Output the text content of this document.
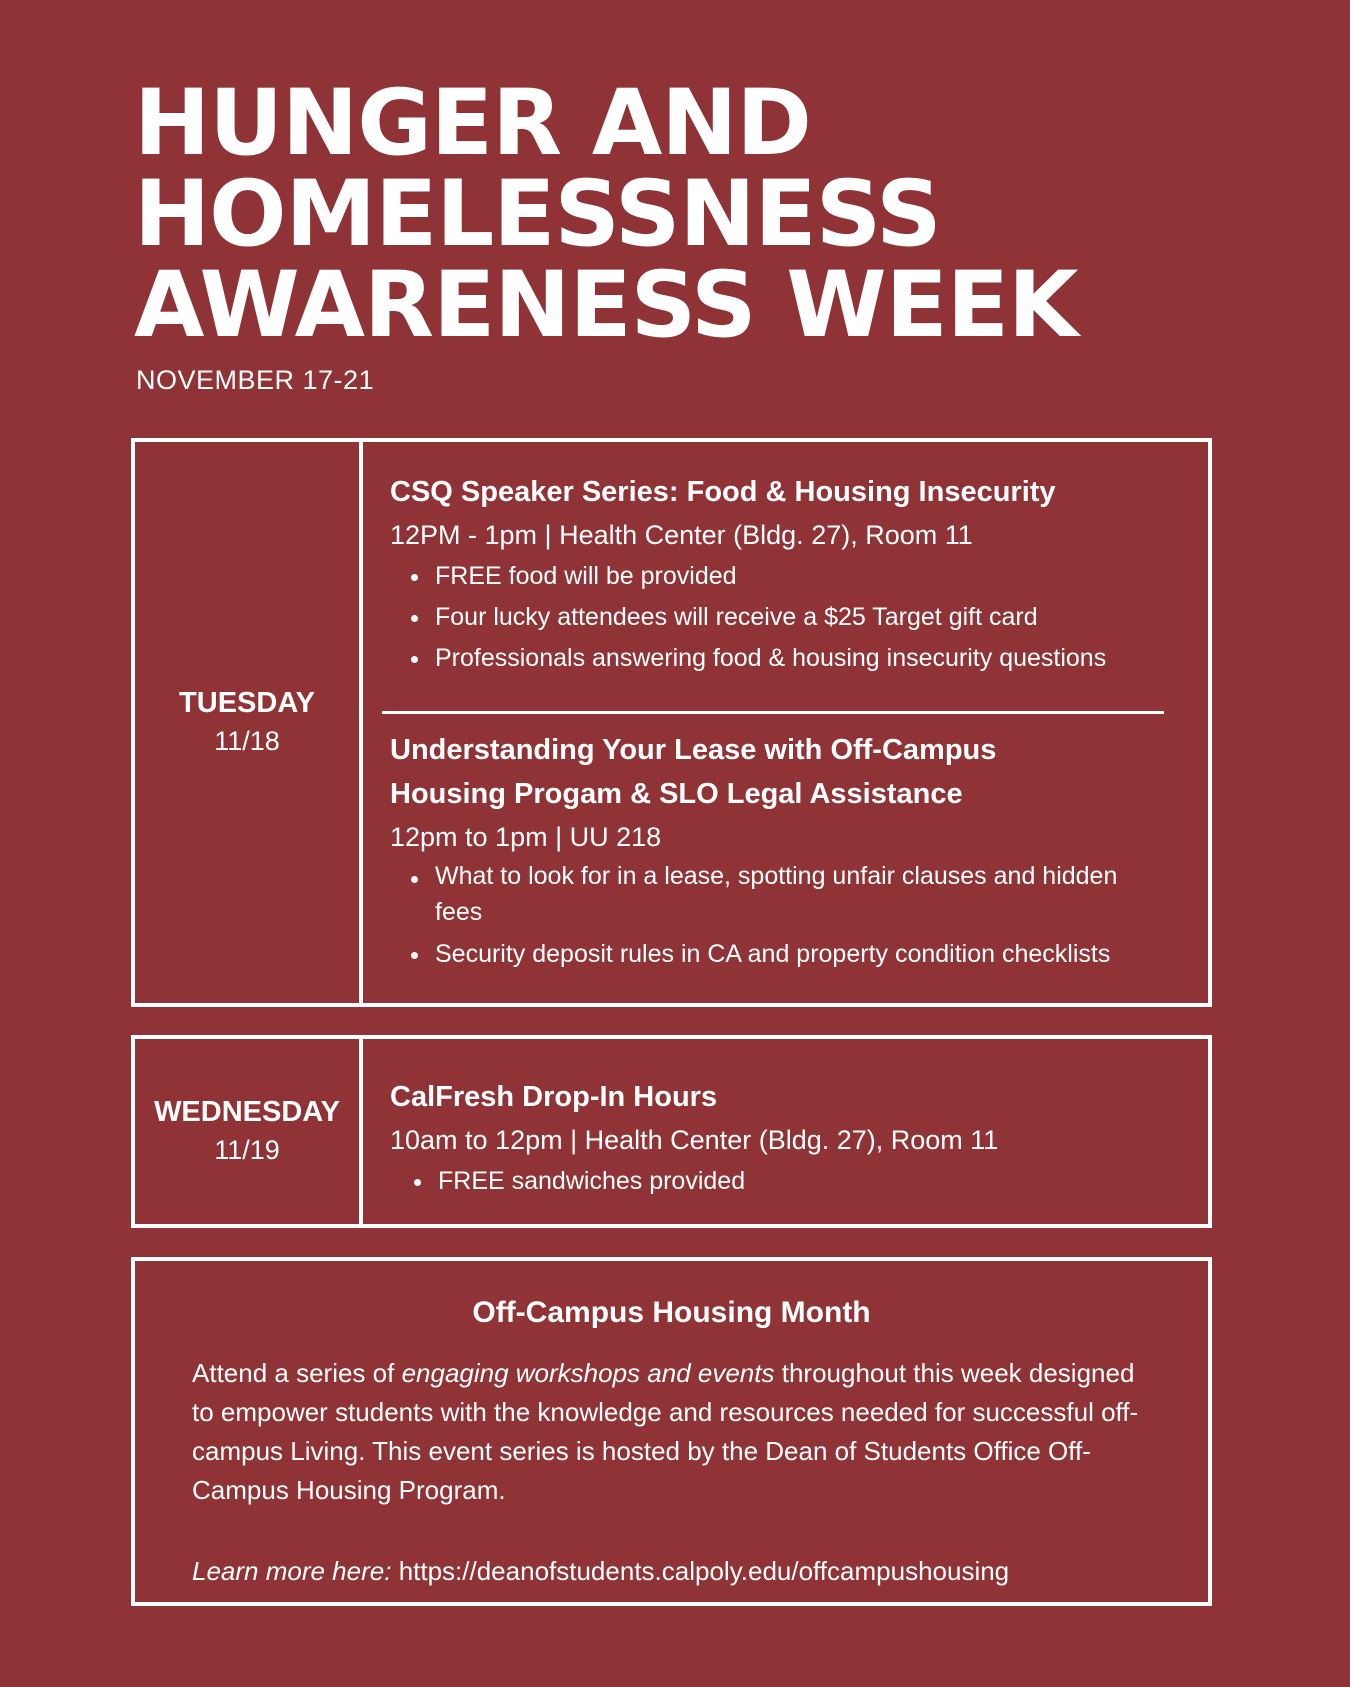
HUNGER AND
HOMELESSNESS
AWARENESS WEEK
NOVEMBER 17-21
TUESDAY
11/18
CSQ Speaker Series: Food & Housing Insecurity
12PM - 1pm | Health Center (Bldg. 27), Room 11
FREE food will be provided
Four lucky attendees will receive a $25 Target gift card
Professionals answering food & housing insecurity questions
Understanding Your Lease with Off-Campus
Housing Progam & SLO Legal Assistance
12pm to 1pm | UU 218
What to look for in a lease, spotting unfair clauses and hidden fees
Security deposit rules in CA and property condition checklists
WEDNESDAY
11/19
CalFresh Drop-In Hours
10am to 12pm | Health Center (Bldg. 27), Room 11
FREE sandwiches provided
Off-Campus Housing Month
Attend a series of engaging workshops and events throughout this week designed to empower students with the knowledge and resources needed for successful off-campus Living. This event series is hosted by the Dean of Students Office Off-Campus Housing Program.
Learn more here: https://deanofstudents.calpoly.edu/offcampushousing
